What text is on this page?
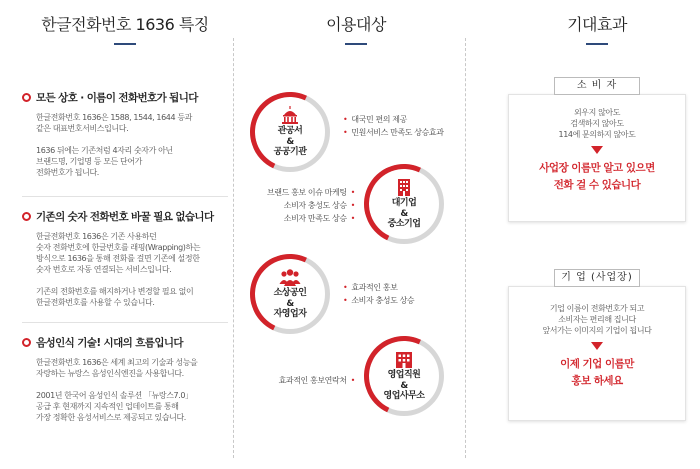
한글전화번호 1636 특징	이용대상	기대효과
모든 상호 · 이름이 전화번호가 됩니다

한글전화번호 1636은 1588, 1544, 1644 등과
같은 대표번호서비스입니다.

1636 뒤에는 기존처럼 4자리 숫자가 아닌
브랜드명, 기업명 등 모든 단어가
전화번호가 됩니다.

기존의 숫자 전화번호 바꿀 필요 없습니다

한글전화번호 1636은 기존 사용하던
숫자 전화번호에 한글번호를 래핑(Wrapping)하는
방식으로 1636을 통해 전화를 걸면 기존에 설정한
숫자 번호로 자동 연결되는 서비스입니다.

기존의 전화번호를 해지하거나 변경할 필요 없이
한글전화번호를 사용할 수 있습니다.

음성인식 기술! 시대의 흐름입니다

한글전화번호 1636은 세계 최고의 기술과 성능을
자랑하는 뉴랑스 음성인식엔진을 사용합니다.

2001년 한국어 음성인식 솔루션 「뉴랑스7.0」
공급 후 현재까지 지속적인 업데이트를 통해
가장 정확한 음성서비스로 제공되고 있습니다.

관공서
&
공공기관
• 대국민 편의 제공
• 민원서비스 만족도 상승효과
대기업
&
중소기업
브랜드 홍보 이슈 마케팅 •
소비자 충성도 상승 •
소비자 만족도 상승 •
소상공인
&
자영업자
• 효과적인 홍보
• 소비자 충성도 상승
영업직원
&
영업사무소
효과적인 홍보연락처 •
소 비 자
외우지 않아도
검색하지 않아도
114에 문의하지 않아도
사업장 이름만 알고 있으면
전화 걸 수 있습니다
기 업 (사업장)
기업 이름이 전화번호가 되고
소비자는 편리해 집니다
앞서가는 이미지의 기업이 됩니다
이제 기업 이름만
홍보 하세요
